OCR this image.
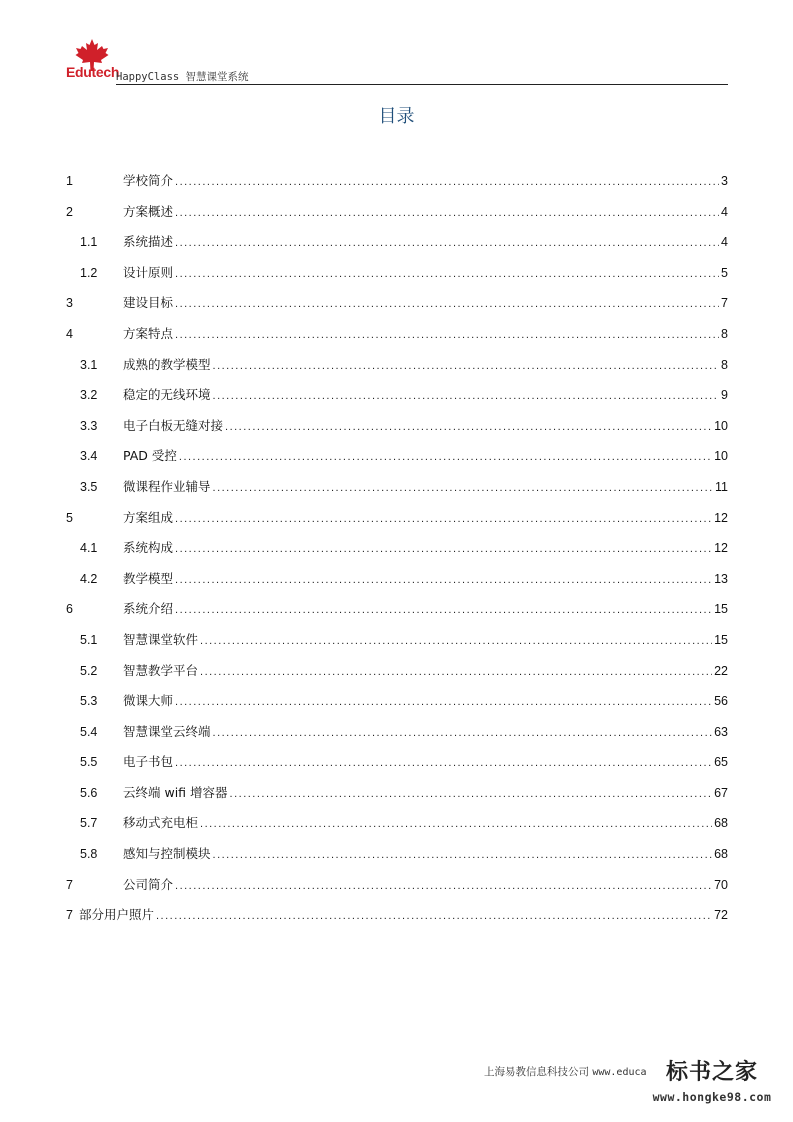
Edutech
HappyClass 智慧课堂系统
目录
1	学校简介 .....	3
2	方案概述 .....	4
1.1	系统描述 .....	4
1.2	设计原则 .....	5
3	建设目标 .....	7
4	方案特点 .....	8
3.1	成熟的教学模型 .....	8
3.2	稳定的无线环境 .....	9
3.3	电子白板无缝对接 .....	10
3.4	PAD 受控 .....	10
3.5	微课程作业辅导 .....	11
5	方案组成 .....	12
4.1	系统构成 .....	12
4.2	教学模型 .....	13
6	系统介绍 .....	15
5.1	智慧课堂软件 .....	15
5.2	智慧教学平台 .....	22
5.3	微课大师 .....	56
5.4	智慧课堂云终端 .....	63
5.5	电子书包 .....	65
5.6	云终端 wifi 增容器 .....	67
5.7	移动式充电柜 .....	68
5.8	感知与控制模块 .....	68
7	公司简介 .....	70
7 部分用户照片 .....	72
上海易教信息科技公司 www.educa 标书之家
www.hongke98.com
